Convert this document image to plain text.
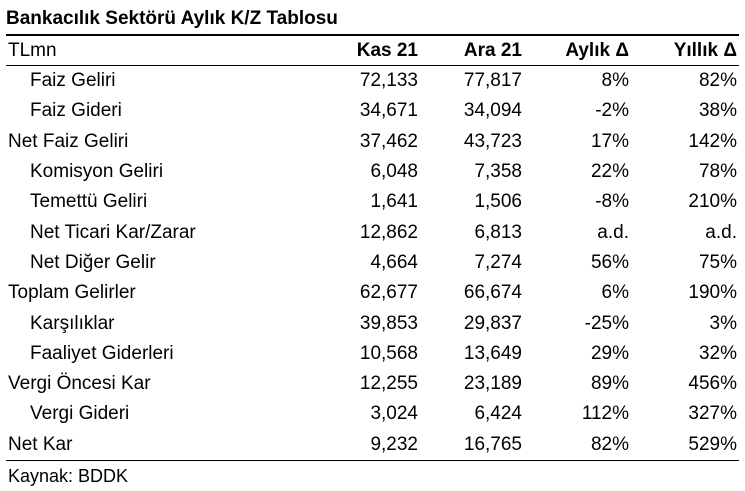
Bankacılık Sektörü Aylık K/Z Tablosu
TLmn	Kas 21	Ara 21	Aylık Δ	Yıllık Δ
Faiz Geliri	72,133	77,817	8%	82%
Faiz Gideri	34,671	34,094	-2%	38%
Net Faiz Geliri	37,462	43,723	17%	142%
Komisyon Geliri	6,048	7,358	22%	78%
Temettü Geliri	1,641	1,506	-8%	210%
Net Ticari Kar/Zarar	12,862	6,813	a.d.	a.d.
Net Diğer Gelir	4,664	7,274	56%	75%
Toplam Gelirler	62,677	66,674	6%	190%
Karşılıklar	39,853	29,837	-25%	3%
Faaliyet Giderleri	10,568	13,649	29%	32%
Vergi Öncesi Kar	12,255	23,189	89%	456%
Vergi Gideri	3,024	6,424	112%	327%
Net Kar	9,232	16,765	82%	529%
Kaynak: BDDK
